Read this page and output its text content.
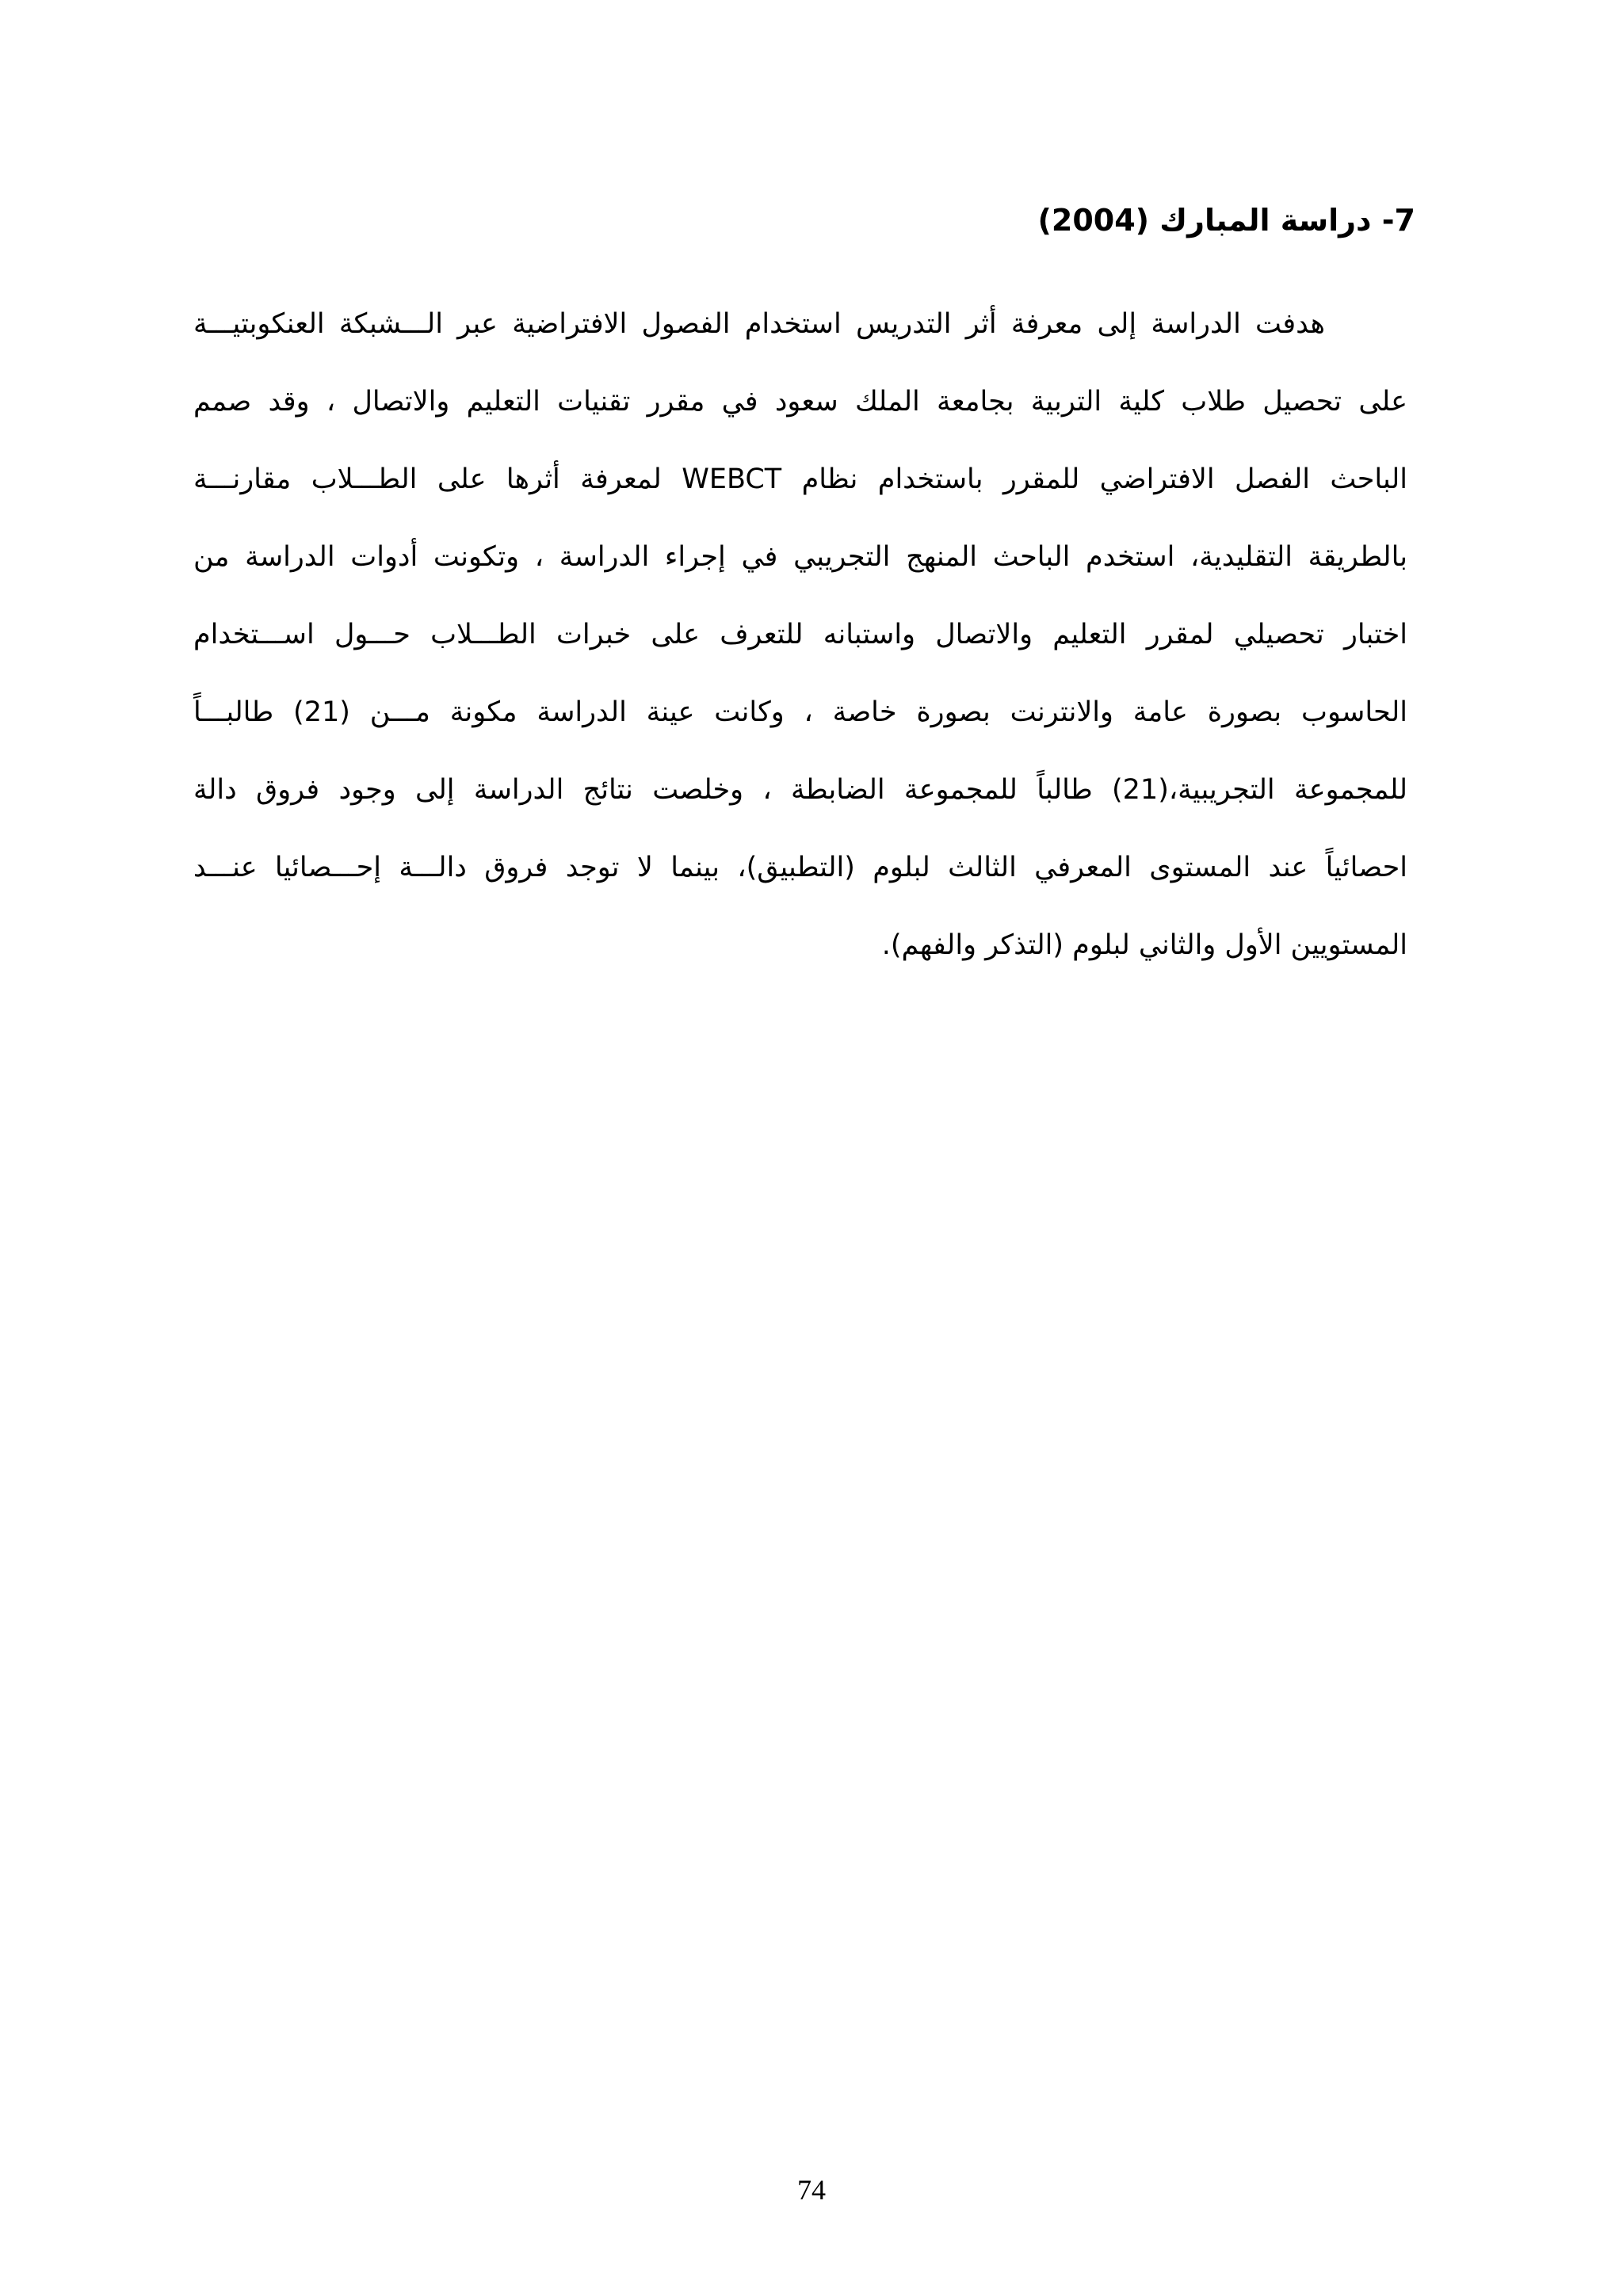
7- دراسة المبارك (2004)
هدفت الدراسة إلى معرفة أثر التدريس استخدام الفصول الافتراضية عبر الـــشبكة العنكوبتيـــة
على تحصيل طلاب كلية التربية بجامعة الملك سعود في مقرر تقنيات التعليم والاتصال ، وقد صمم
الباحث الفصل الافتراضي للمقرر باستخدام نظام WEBCT لمعرفة أثرها على الطـــلاب مقارنـــة
بالطريقة التقليدية، استخدم الباحث المنهج التجريبي في إجراء الدراسة ، وتكونت أدوات الدراسة من
اختبار تحصيلي لمقرر التعليم والاتصال واستبانه للتعرف على خبرات الطـــلاب حـــول اســـتخدام
الحاسوب بصورة عامة والانترنت بصورة خاصة ، وكانت عينة الدراسة مكونة مـــن (21) طالبـــاً
للمجموعة التجريبية،(21) طالباً للمجموعة الضابطة ، وخلصت نتائج الدراسة إلى وجود فروق دالة
احصائياً عند المستوى المعرفي الثالث لبلوم (التطبيق)، بينما لا توجد فروق دالـــة إحـــصائيا عنـــد
المستويين الأول والثاني لبلوم (التذكر والفهم).
74
